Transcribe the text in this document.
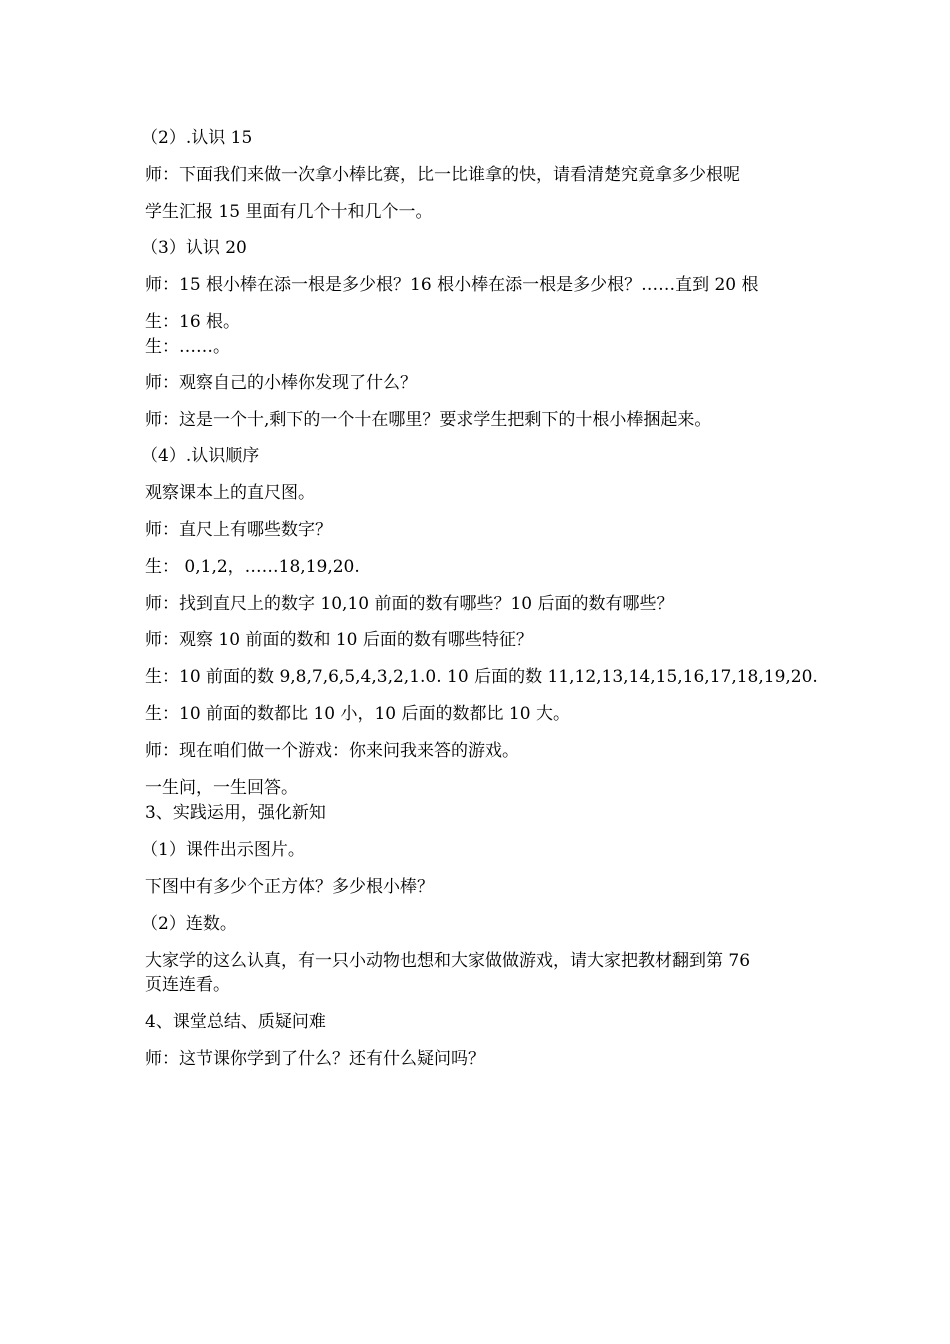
（2）.认识 15
师：下面我们来做一次拿小棒比赛，比一比谁拿的快，请看清楚究竟拿多少根呢
学生汇报 15 里面有几个十和几个一。
（3）认识 20
师：15 根小棒在添一根是多少根？16 根小棒在添一根是多少根？……直到 20 根
生：16 根。
生：……。
师：观察自己的小棒你发现了什么？
师：这是一个十,剩下的一个十在哪里？要求学生把剩下的十根小棒捆起来。
（4）.认识顺序
观察课本上的直尺图。
师：直尺上有哪些数字？
生： 0,1,2，……18,19,20.
师：找到直尺上的数字 10,10 前面的数有哪些？10 后面的数有哪些？
师：观察 10 前面的数和 10 后面的数有哪些特征？
生：10 前面的数 9,8,7,6,5,4,3,2,1.0. 10 后面的数 11,12,13,14,15,16,17,18,19,20.
生：10 前面的数都比 10 小，10 后面的数都比 10 大。
师：现在咱们做一个游戏：你来问我来答的游戏。
一生问，一生回答。
3、实践运用，强化新知
（1）课件出示图片。
下图中有多少个正方体？多少根小棒？
（2）连数。
大家学的这么认真，有一只小动物也想和大家做做游戏，请大家把教材翻到第 76
页连连看。
4、课堂总结、质疑问难
师：这节课你学到了什么？还有什么疑问吗？
